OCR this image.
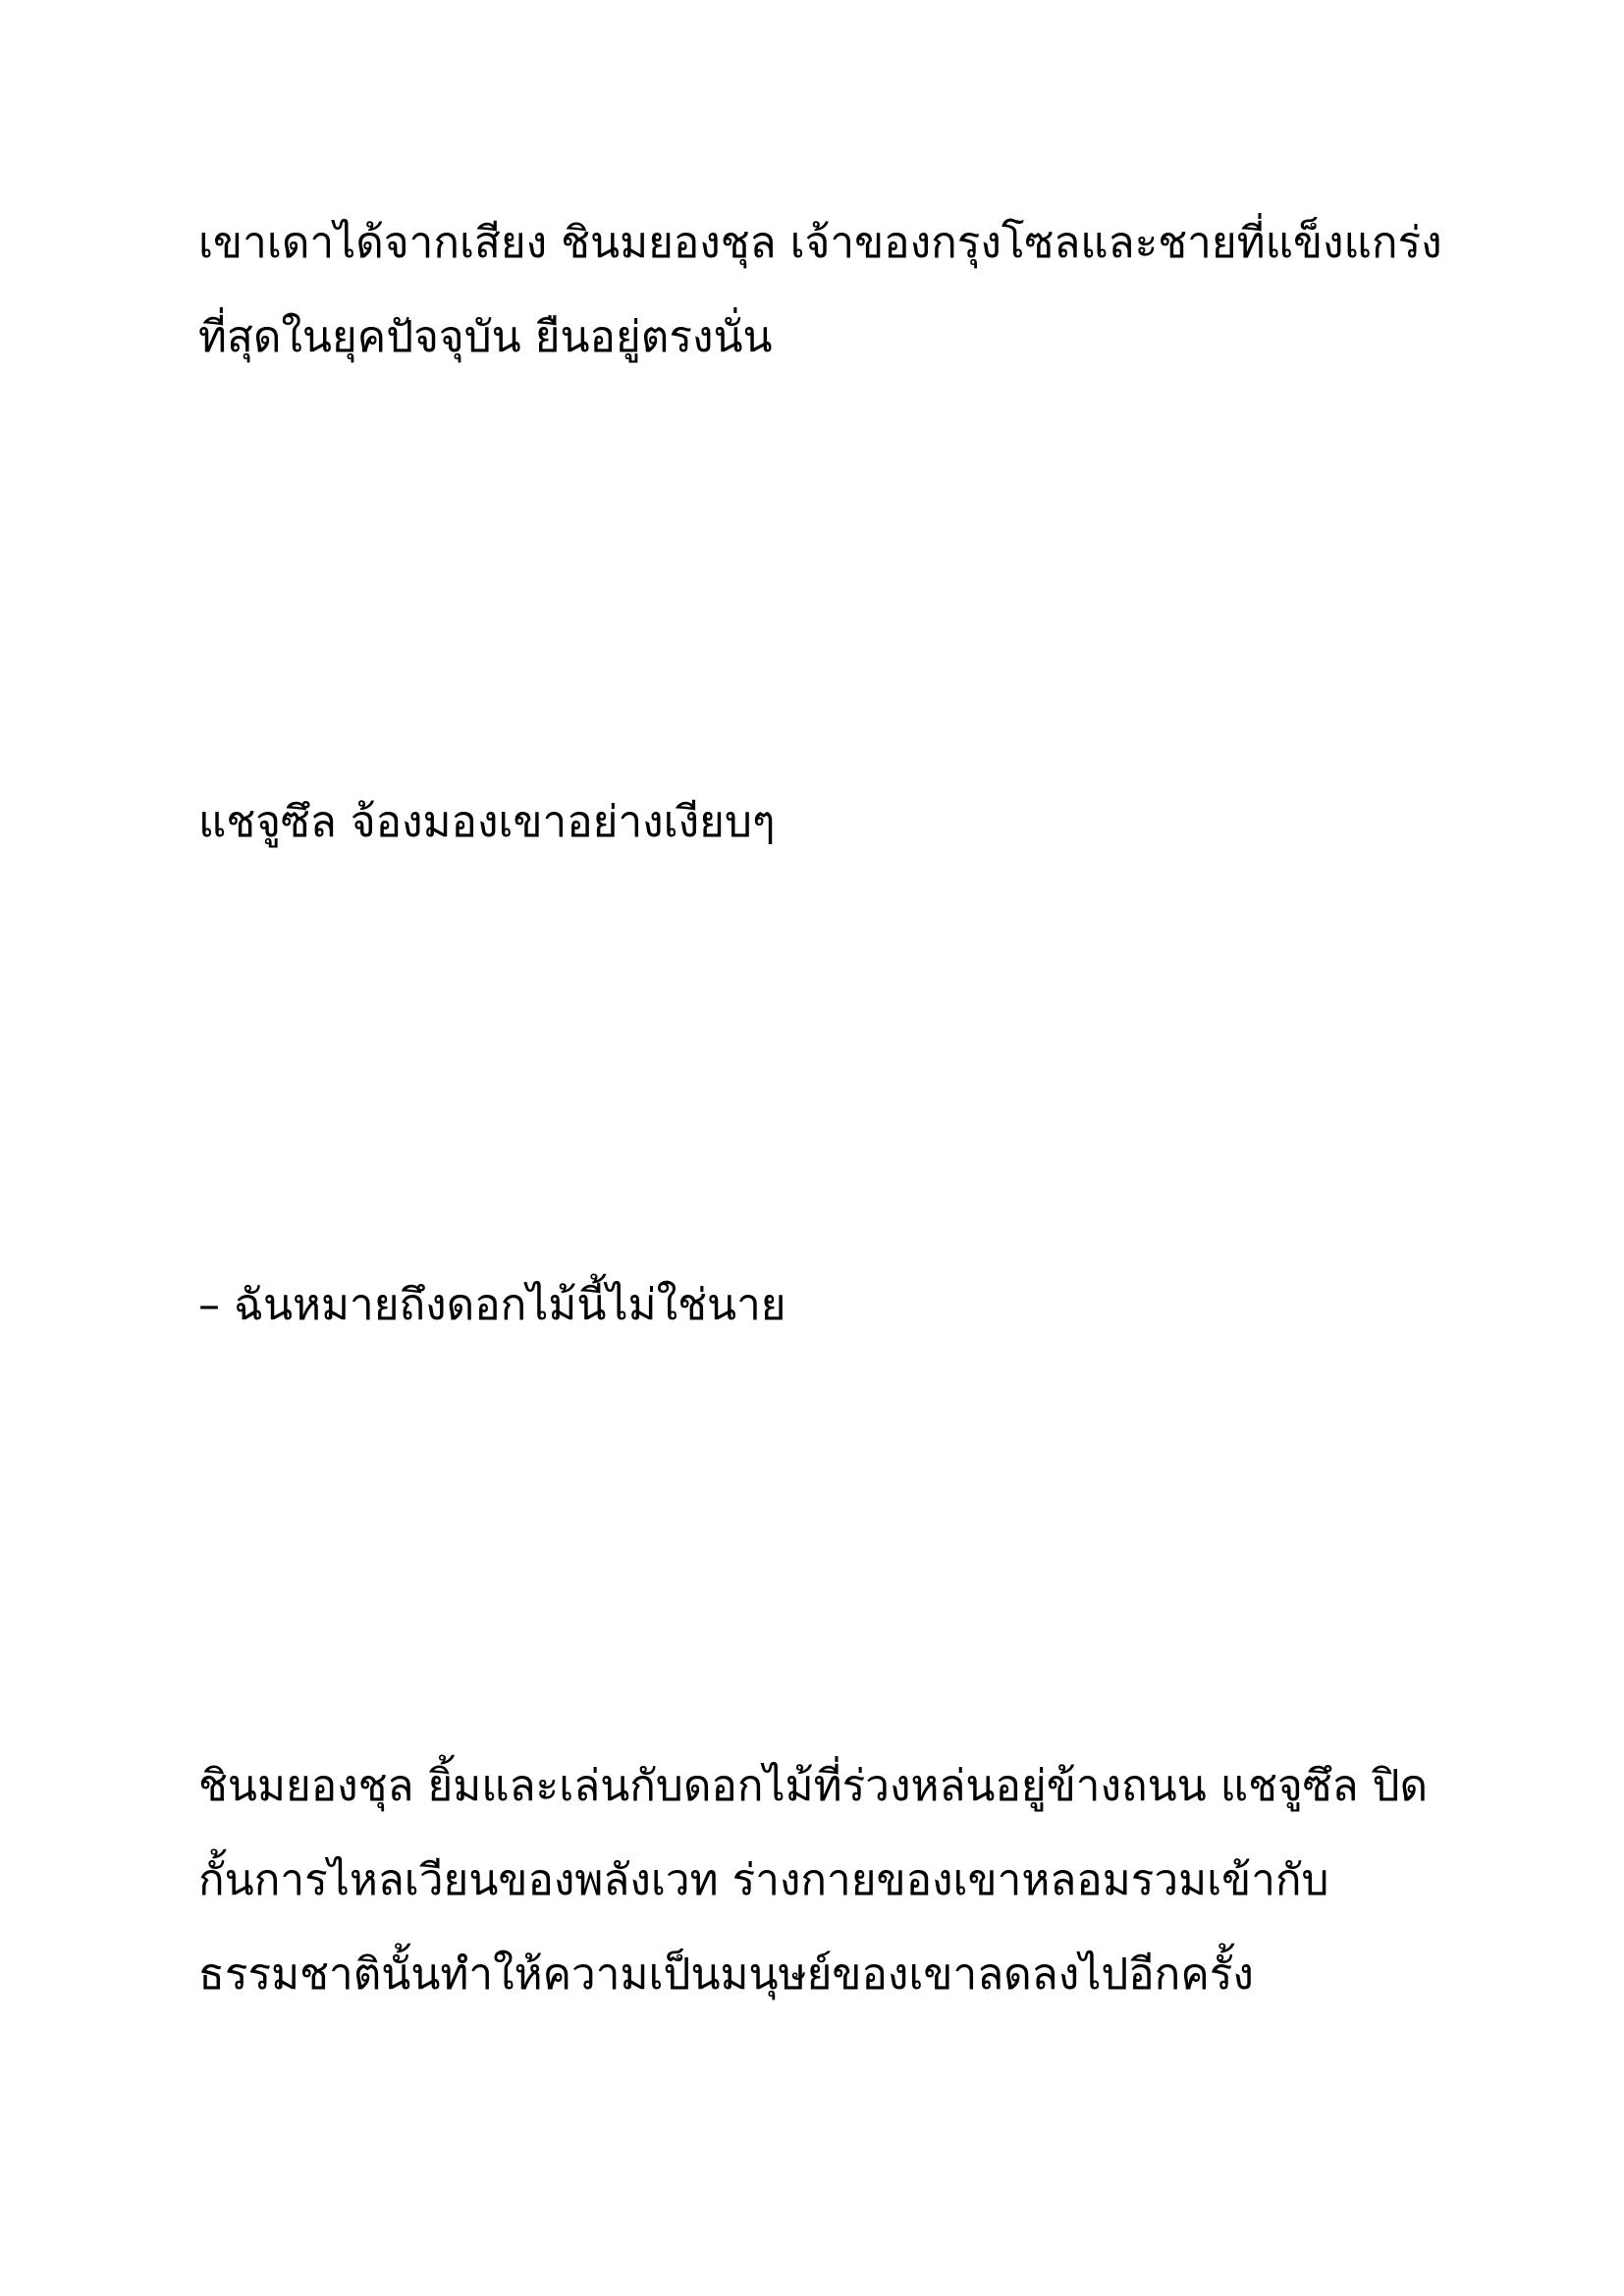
เขาเดาได้จากเสียง ชินมยองชุล เจ้าของกรุงโซลและชายที่แข็งแกร่ง
ที่สุดในยุคปัจจุบัน ยืนอยู่ตรงนั่น
แชจูซึล จ้องมองเขาอย่างเงียบๆ
– ฉันหมายถึงดอกไม้นี้ไม่ใช่นาย
ชินมยองชุล ยิ้มและเล่นกับดอกไม้ที่ร่วงหล่นอยู่ข้างถนน แชจูซึล ปิด
กั้นการไหลเวียนของพลังเวท ร่างกายของเขาหลอมรวมเข้ากับ
ธรรมชาตินั้นทำให้ความเป็นมนุษย์ของเขาลดลงไปอีกครั้ง
